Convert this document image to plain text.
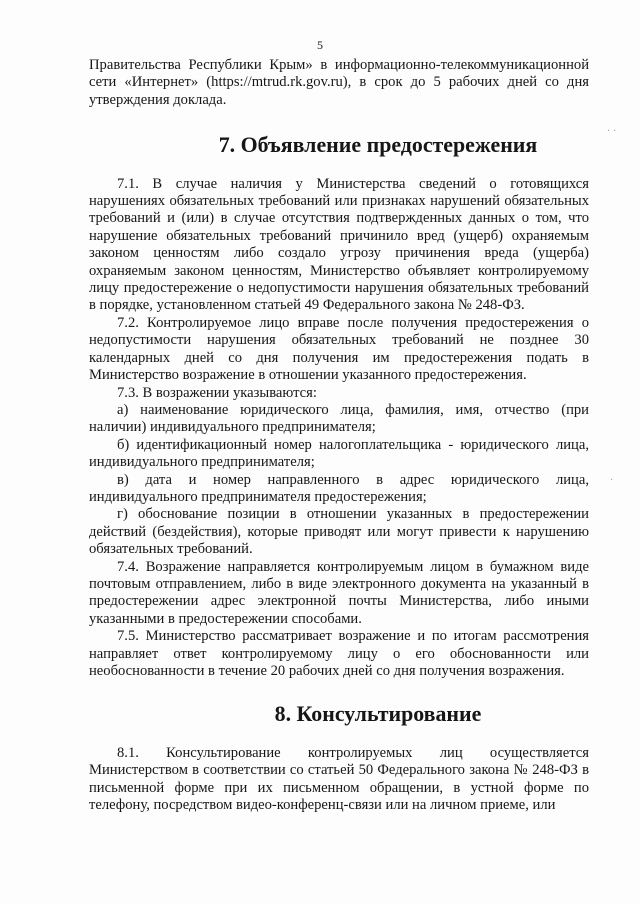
5
· ·
·

Правительства Республики Крым» в информационно-телекоммуникационной сети «Интернет» (https://mtrud.rk.gov.ru), в срок до 5 рабочих дней со дня утверждения доклада.

7. Объявление предостережения

7.1. В случае наличия у Министерства сведений о готовящихся нарушениях обязательных требований или признаках нарушений обязательных требований и (или) в случае отсутствия подтвержденных данных о том, что нарушение обязательных требований причинило вред (ущерб) охраняемым законом ценностям либо создало угрозу причинения вреда (ущерба) охраняемым законом ценностям, Министерство объявляет контролируемому лицу предостережение о недопустимости нарушения обязательных требований в порядке, установленном статьей 49 Федерального закона № 248-ФЗ.

7.2. Контролируемое лицо вправе после получения предостережения о недопустимости нарушения обязательных требований не позднее 30 календарных дней со дня получения им предостережения подать в Министерство возражение в отношении указанного предостережения.

7.3. В возражении указываются:

а) наименование юридического лица, фамилия, имя, отчество (при наличии) индивидуального предпринимателя;

б) идентификационный номер налогоплательщика - юридического лица, индивидуального предпринимателя;

в) дата и номер направленного в адрес юридического лица, индивидуального предпринимателя предостережения;

г) обоснование позиции в отношении указанных в предостережении действий (бездействия), которые приводят или могут привести к нарушению обязательных требований.

7.4. Возражение направляется контролируемым лицом в бумажном виде почтовым отправлением, либо в виде электронного документа на указанный в предостережении адрес электронной почты Министерства, либо иными указанными в предостережении способами.

7.5. Министерство рассматривает возражение и по итогам рассмотрения направляет ответ контролируемому лицу о его обоснованности или необоснованности в течение 20 рабочих дней со дня получения возражения.

8. Консультирование

8.1. Консультирование контролируемых лиц осуществляется Министерством в соответствии со статьей 50 Федерального закона № 248-ФЗ в письменной форме при их письменном обращении, в устной форме по телефону, посредством видео-конференц-связи или на личном приеме, или
